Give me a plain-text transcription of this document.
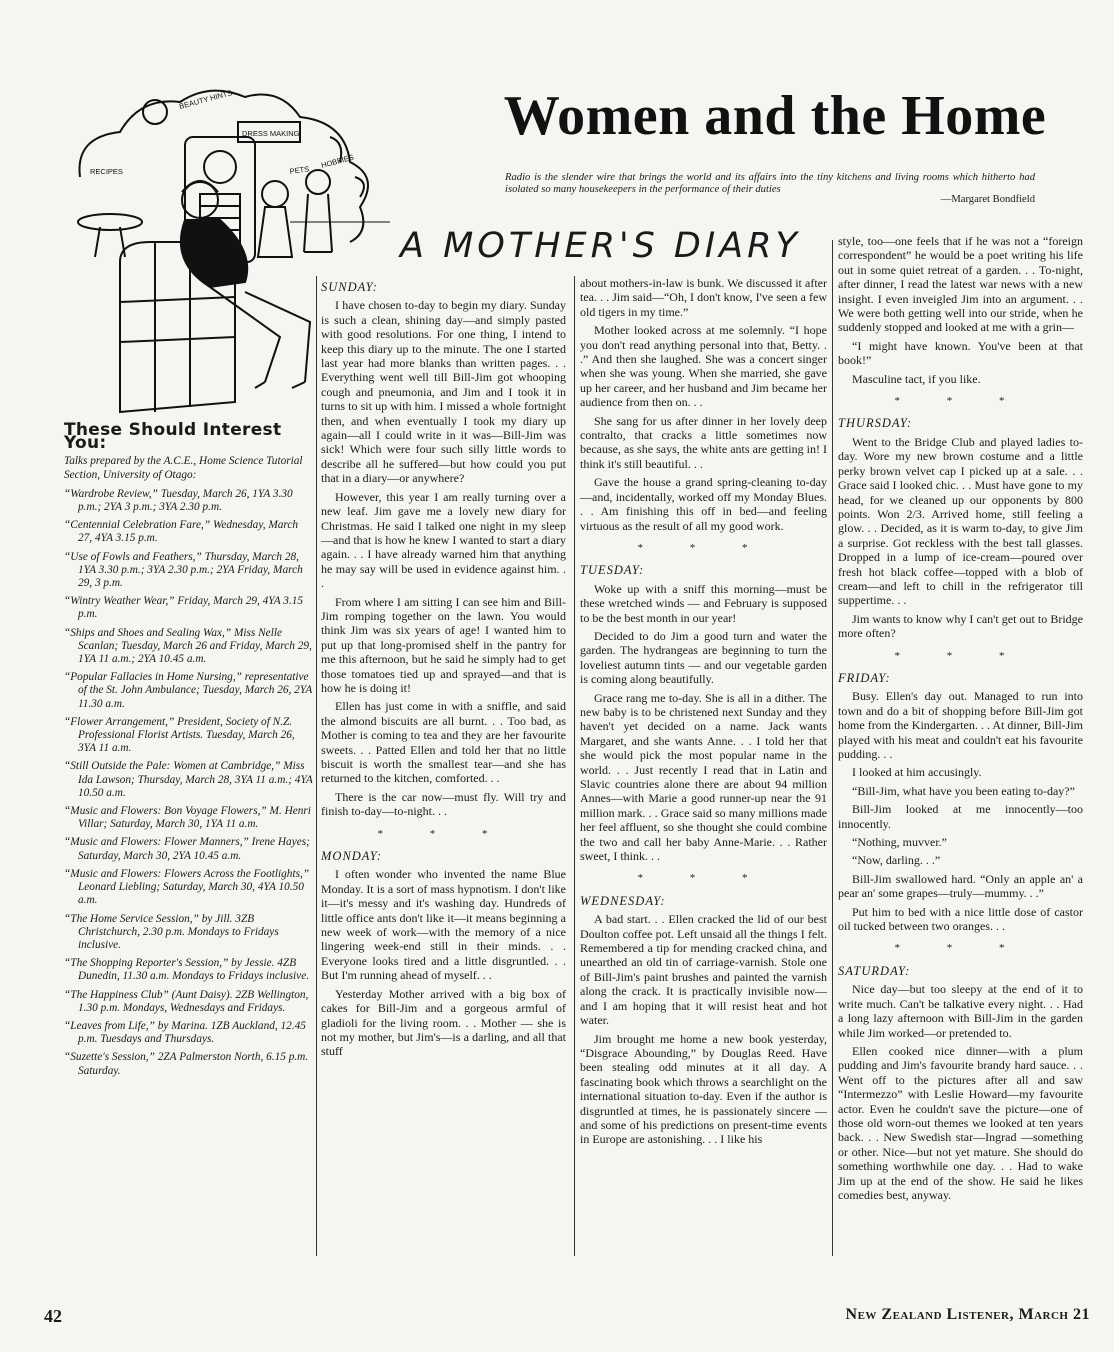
BEAUTY HINTS
DRESS MAKING
RECIPES	PETS
HOBBIES
Women and the Home
Radio is the slender wire that brings the world and its affairs into the tiny kitchens and living rooms which hitherto had isolated so many housekeepers in the performance of their duties
—Margaret Bondfield
A MOTHER'S DIARY
These Should Interest You:
Talks prepared by the A.C.E., Home Science Tutorial Section, University of Otago:
“Wardrobe Review,” Tuesday, March 26, 1YA 3.30 p.m.; 2YA 3 p.m.; 3YA 2.30 p.m.
“Centennial Celebration Fare,” Wednesday, March 27, 4YA 3.15 p.m.
“Use of Fowls and Feathers,” Thursday, March 28, 1YA 3.30 p.m.; 3YA 2.30 p.m.; 2YA Friday, March 29, 3 p.m.
“Wintry Weather Wear,” Friday, March 29, 4YA 3.15 p.m.
“Ships and Shoes and Sealing Wax,” Miss Nelle Scanlan; Tuesday, March 26 and Friday, March 29, 1YA 11 a.m.; 2YA 10.45 a.m.
“Popular Fallacies in Home Nursing,” representative of the St. John Ambulance; Tuesday, March 26, 2YA 11.30 a.m.
“Flower Arrangement,” President, Society of N.Z. Professional Florist Artists. Tuesday, March 26, 3YA 11 a.m.
“Still Outside the Pale: Women at Cambridge,” Miss Ida Lawson; Thursday, March 28, 3YA 11 a.m.; 4YA 10.50 a.m.
“Music and Flowers: Bon Voyage Flowers,” M. Henri Villar; Saturday, March 30, 1YA 11 a.m.
“Music and Flowers: Flower Manners,” Irene Hayes; Saturday, March 30, 2YA 10.45 a.m.
“Music and Flowers: Flowers Across the Footlights,” Leonard Liebling; Saturday, March 30, 4YA 10.50 a.m.
“The Home Service Session,” by Jill. 3ZB Christchurch, 2.30 p.m. Mondays to Fridays inclusive.
“The Shopping Reporter's Session,” by Jessie. 4ZB Dunedin, 11.30 a.m. Mondays to Fridays inclusive.
“The Happiness Club” (Aunt Daisy). 2ZB Wellington, 1.30 p.m. Mondays, Wednesdays and Fridays.
“Leaves from Life,” by Marina. 1ZB Auckland, 12.45 p.m. Tuesdays and Thursdays.
“Suzette's Session,” 2ZA Palmerston North, 6.15 p.m. Saturday.
SUNDAY:

I have chosen to-day to begin my diary. Sunday is such a clean, shining day—and simply pasted with good resolutions. For one thing, I intend to keep this diary up to the minute. The one I started last year had more blanks than written pages. . . Everything went well till Bill-Jim got whooping cough and pneumonia, and Jim and I took it in turns to sit up with him. I missed a whole fortnight then, and when eventually I took my diary up again—all I could write in it was—Bill-Jim was sick! Which were four such silly little words to describe all he suffered—but how could you put that in a diary—or anywhere?

However, this year I am really turning over a new leaf. Jim gave me a lovely new diary for Christmas. He said I talked one night in my sleep—and that is how he knew I wanted to start a diary again. . . I have already warned him that anything he may say will be used in evidence against him. . .

From where I am sitting I can see him and Bill-Jim romping together on the lawn. You would think Jim was six years of age! I wanted him to put up that long-promised shelf in the pantry for me this afternoon, but he said he simply had to get those tomatoes tied up and sprayed—and that is how he is doing it!

Ellen has just come in with a sniffle, and said the almond biscuits are all burnt. . . Too bad, as Mother is coming to tea and they are her favourite sweets. . . Patted Ellen and told her that no little biscuit is worth the smallest tear—and she has returned to the kitchen, comforted. . .

There is the car now—must fly. Will try and finish to-day—to-night. . .

* * *
MONDAY:

I often wonder who invented the name Blue Monday. It is a sort of mass hypnotism. I don't like it—it's messy and it's washing day. Hundreds of little office ants don't like it—it means beginning a new week of work—with the memory of a nice lingering week-end still in their minds. . . Everyone looks tired and a little disgruntled. . . But I'm running ahead of myself. . .

Yesterday Mother arrived with a big box of cakes for Bill-Jim and a gorgeous armful of gladioli for the living room. . . Mother — she is not my mother, but Jim's—is a darling, and all that stuff

about mothers-in-law is bunk. We discussed it after tea. . . Jim said—“Oh, I don't know, I've seen a few old tigers in my time.”

Mother looked across at me solemnly. “I hope you don't read anything personal into that, Betty. . .” And then she laughed. She was a concert singer when she was young. When she married, she gave up her career, and her husband and Jim became her audience from then on. . .

She sang for us after dinner in her lovely deep contralto, that cracks a little sometimes now because, as she says, the white ants are getting in! I think it's still beautiful. . .

Gave the house a grand spring-cleaning to-day—and, incidentally, worked off my Monday Blues. . . Am finishing this off in bed—and feeling virtuous as the result of all my good work.

* * *
TUESDAY:

Woke up with a sniff this morning—must be these wretched winds — and February is supposed to be the best month in our year!

Decided to do Jim a good turn and water the garden. The hydrangeas are beginning to turn the loveliest autumn tints — and our vegetable garden is coming along beautifully.

Grace rang me to-day. She is all in a dither. The new baby is to be christened next Sunday and they haven't yet decided on a name. Jack wants Margaret, and she wants Anne. . . I told her that she would pick the most popular name in the world. . . Just recently I read that in Latin and Slavic countries alone there are about 94 million Annes—with Marie a good runner-up near the 91 million mark. . . Grace said so many millions made her feel affluent, so she thought she could combine the two and call her baby Anne-Marie. . . Rather sweet, I think. . .

* * *
WEDNESDAY:

A bad start. . . Ellen cracked the lid of our best Doulton coffee pot. Left unsaid all the things I felt. Remembered a tip for mending cracked china, and unearthed an old tin of carriage-varnish. Stole one of Bill-Jim's paint brushes and painted the varnish along the crack. It is practically invisible now—and I am hoping that it will resist heat and hot water.

Jim brought me home a new book yesterday, “Disgrace Abounding,” by Douglas Reed. Have been stealing odd minutes at it all day. A fascinating book which throws a searchlight on the international situation to-day. Even if the author is disgruntled at times, he is passionately sincere — and some of his predictions on present-time events in Europe are astonishing. . . I like his

style, too—one feels that if he was not a “foreign correspondent” he would be a poet writing his life out in some quiet retreat of a garden. . . To-night, after dinner, I read the latest war news with a new insight. I even inveigled Jim into an argument. . . We were both getting well into our stride, when he suddenly stopped and looked at me with a grin—

“I might have known. You've been at that book!”

Masculine tact, if you like.

* * *
THURSDAY:

Went to the Bridge Club and played ladies to-day. Wore my new brown costume and a little perky brown velvet cap I picked up at a sale. . . Grace said I looked chic. . . Must have gone to my head, for we cleaned up our opponents by 800 points. Won 2/3. Arrived home, still feeling a glow. . . Decided, as it is warm to-day, to give Jim a surprise. Got reckless with the best tall glasses. Dropped in a lump of ice-cream—poured over fresh hot black coffee—topped with a blob of cream—and left to chill in the refrigerator till suppertime. . .

Jim wants to know why I can't get out to Bridge more often?

* * *
FRIDAY:

Busy. Ellen's day out. Managed to run into town and do a bit of shopping before Bill-Jim got home from the Kindergarten. . . At dinner, Bill-Jim played with his meat and couldn't eat his favourite pudding. . .

I looked at him accusingly.

“Bill-Jim, what have you been eating to-day?”

Bill-Jim looked at me innocently—too innocently.

“Nothing, muvver.”

“Now, darling. . .”

Bill-Jim swallowed hard. “Only an apple an' a pear an' some grapes—truly—mummy. . .”

Put him to bed with a nice little dose of castor oil tucked between two oranges. . .

* * *
SATURDAY:

Nice day—but too sleepy at the end of it to write much. Can't be talkative every night. . . Had a long lazy afternoon with Bill-Jim in the garden while Jim worked—or pretended to.

Ellen cooked nice dinner—with a plum pudding and Jim's favourite brandy hard sauce. . . Went off to the pictures after all and saw “Intermezzo” with Leslie Howard—my favourite actor. Even he couldn't save the picture—one of those old worn-out themes we looked at ten years back. . . New Swedish star—Ingrad —something or other. Nice—but not yet mature. She should do something worthwhile one day. . . Had to wake Jim up at the end of the show. He said he likes comedies best, anyway.

42	New Zealand Listener, March 21
